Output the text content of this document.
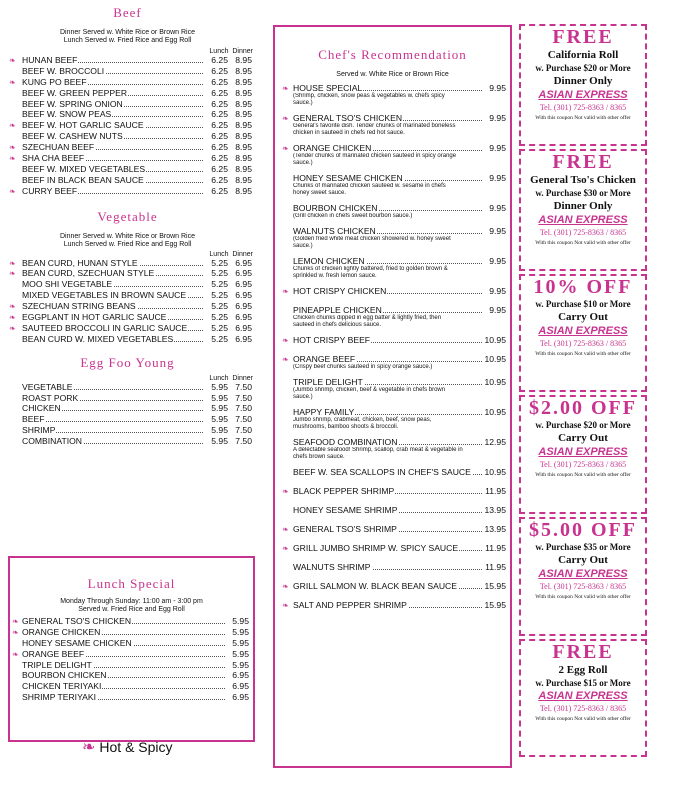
Beef
Dinner Served w. White Rice or Brown Rice
Lunch Served w. Fried Rice and Egg Roll
Lunch Dinner
❧ HUNAN BEEF	6.25 8.95
BEEF W. BROCCOLI	6.25 8.95
❧ KUNG PO BEEF	6.25 8.95
BEEF W. GREEN PEPPER	6.25 8.95
BEEF W. SPRING ONION	6.25 8.95
BEEF W. SNOW PEAS	6.25 8.95
❧ BEEF W. HOT GARLIC SAUCE	6.25 8.95
BEEF W. CASHEW NUTS	6.25 8.95
❧ SZECHUAN BEEF	6.25 8.95
❧ SHA CHA BEEF	6.25 8.95
BEEF W. MIXED VEGETABLES	6.25 8.95
BEEF IN BLACK BEAN SAUCE	6.25 8.95
❧ CURRY BEEF	6.25 8.95
Vegetable
Dinner Served w. White Rice or Brown Rice
Lunch Served w. Fried Rice and Egg Roll
Lunch Dinner
❧ BEAN CURD, HUNAN STYLE	5.25 6.95
❧ BEAN CURD, SZECHUAN STYLE	5.25 6.95
MOO SHI VEGETABLE	5.25 6.95
MIXED VEGETABLES IN BROWN SAUCE	5.25 6.95
❧ SZECHUAN STRING BEANS	5.25 6.95
❧ EGGPLANT IN HOT GARLIC SAUCE	5.25 6.95
❧ SAUTEED BROCCOLI IN GARLIC SAUCE	5.25 6.95
BEAN CURD W. MIXED VEGETABLES	5.25 6.95
Egg Foo Young
Lunch Dinner
VEGETABLE	5.95 7.50
ROAST PORK	5.95 7.50
CHICKEN	5.95 7.50
BEEF	5.95 7.50
SHRIMP	5.95 7.50
COMBINATION	5.95 7.50
Lunch Special
Monday Through Sunday: 11:00 am - 3:00 pm
Served w. Fried Rice and Egg Roll
❧ GENERAL TSO'S CHICKEN	5.95
❧ ORANGE CHICKEN	5.95
HONEY SESAME CHICKEN	5.95
❧ ORANGE BEEF	5.95
TRIPLE DELIGHT	5.95
BOURBON CHICKEN	6.95
CHICKEN TERIYAKI	6.95
SHRIMP TERIYAKI	6.95
❧ Hot & Spicy
Chef's Recommendation
Served w. White Rice or Brown Rice
❧ HOUSE SPECIAL	9.95
(Shrimp, chicken, snow peas & vegetables w. chefs spicy sauce.)
❧ GENERAL TSO'S CHICKEN	9.95
General's favorite dish. Tender chunks of marinated boneless chicken in sauteed in chefs red hot sauce.
❧ ORANGE CHICKEN	9.95
(Tender chunks of marinated chicken sauteed in spicy orange sauce.)
HONEY SESAME CHICKEN	9.95
Chunks of marinated chicken sauteed w. sesame in chefs honey sweet sauce.
BOURBON CHICKEN	9.95
(Grill chicken in chefs sweet bourbon sauce.)
WALNUTS CHICKEN	9.95
(Golden fried white meat chicken showered w. honey sweet sauce.)
LEMON CHICKEN	9.95
Chunks of chicken lightly battered, fried to golden brown & sprinkled w. fresh lemon sauce.
❧ HOT CRISPY CHICKEN	9.95
PINEAPPLE CHICKEN	9.95
Chicken chunks dipped in egg batter & lightly fried, then sauteed in chefs delicious sauce.
❧ HOT CRISPY BEEF	10.95
❧ ORANGE BEEF	10.95
(Crispy beef chunks sauteed in spicy orange sauce.)
TRIPLE DELIGHT	10.95
(Jumbo shrimp, chicken, beef & vegetable in chefs brown sauce.)
HAPPY FAMILY	10.95
Jumbo shrimp, crabmeat, chicken, beef, snow peas, mushrooms, bamboo shoots & broccoli.
SEAFOOD COMBINATION	12.95
A delectable seafood! Shrimp, scallop, crab meat & vegetable in chefs brown sauce.
BEEF W. SEA SCALLOPS IN CHEF'S SAUCE 10.95
❧ BLACK PEPPER SHRIMP	11.95
HONEY SESAME SHRIMP	13.95
❧ GENERAL TSO'S SHRIMP	13.95
❧ GRILL JUMBO SHRIMP W. SPICY SAUCE	11.95
WALNUTS SHRIMP	11.95
❧ GRILL SALMON W. BLACK BEAN SAUCE	15.95
❧ SALT AND PEPPER SHRIMP	15.95
FREE
California Roll
w. Purchase $20 or More
Dinner Only
ASIAN EXPRESS
Tel. (301) 725-8363 / 8365
With this coupon Not valid with other offer
FREE
General Tso's Chicken
w. Purchase $30 or More
Dinner Only
ASIAN EXPRESS
Tel. (301) 725-8363 / 8365
With this coupon Not valid with other offer
10% OFF
w. Purchase $10 or More
Carry Out
ASIAN EXPRESS
Tel. (301) 725-8363 / 8365
With this coupon Not valid with other offer
$2.00 OFF
w. Purchase $20 or More
Carry Out
ASIAN EXPRESS
Tel. (301) 725-8363 / 8365
With this coupon Not valid with other offer
$5.00 OFF
w. Purchase $35 or More
Carry Out
ASIAN EXPRESS
Tel. (301) 725-8363 / 8365
With this coupon Not valid with other offer
FREE
2 Egg Roll
w. Purchase $15 or More
ASIAN EXPRESS
Tel. (301) 725-8363 / 8365
With this coupon Not valid with other offer
